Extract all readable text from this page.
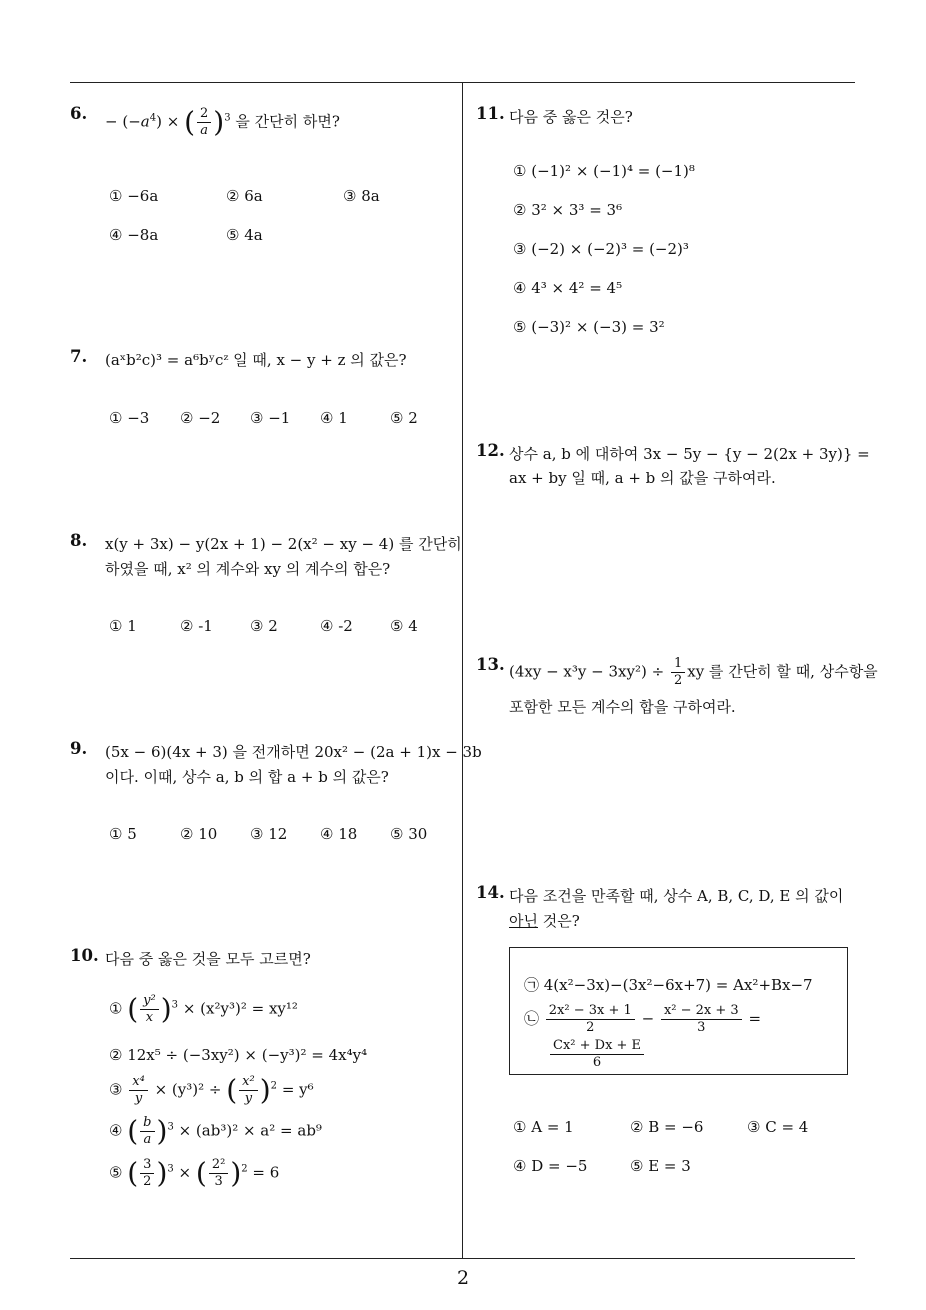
6. − $(-a^4)$ × ( $\frac{2}{a} )^3$ 을 간단히 하면?
① −6a	② 6a	③ 8a
④ −8a	⑤ 4a
7. (aˣb²c)³ = a⁶bʸcᶻ 일 때, x − y + z 의 값은?
① −3 ② −2 ③ −1 ④ 1	⑤ 2
8. x(y + 3x) − y(2x + 1) − 2(x² − xy − 4) 를 간단히
하였을 때, x² 의 계수와 xy 의 계수의 합은?
① 1	② -1 ③ 2	④ -2 ⑤ 4
9. (5x − 6)(4x + 3) 을 전개하면 20x² − (2a + 1)x − 3b
이다. 이때, 상수 a, b 의 합 a + b 의 값은?
① 5	② 10 ③ 12 ④ 18 ⑤ 30
10. 다음 중 옳은 것을 모두 고르면?
① ( $\frac{\text{y²}}{x} )^3 \times (x^2y^3)^2 = xy^{12}$
② 12x⁵ ÷ (−3xy²) × (−y³)² = 4x⁴y⁴
③ $\frac{\text{x⁴}}{y} \times (y^3)^2$ ÷ ( $\frac{\text{x²}}{y} )^2 = y^6$
④ ( $\frac{b}{a} )^3 \times (ab^3)^2 \times a^2 = ab^9$
⑤ ( $\frac{3}{2} )^3$ × ( $\frac{\text{2²}}{3} )^2 = 6$
11. 다음 중 옳은 것은?
① (−1)² × (−1)⁴ = (−1)⁸
② 3² × 3³ = 3⁶
③ (−2) × (−2)³ = (−2)³
④ 4³ × 4² = 4⁵
⑤ (−3)² × (−3) = 3²
12. 상수 a, b 에 대하여 3x − 5y − {y − 2(2x + 3y)} =
ax + by 일 때, a + b 의 값을 구하여라.
13. $(4xy - x^3y - 3xy^2) \div \frac{1}{2}$ xy 를 간단히 할 때, 상수항을
포함한 모든 계수의 합을 구하여라.
14. 다음 조건을 만족할 때, 상수 A, B, C, D, E 의 값이
아닌 것은?
㉠ 4(x²−3x)−(3x²−6x+7) = Ax²+Bx−7
㉡ $\frac{\text{2x² − 3x + 1}}{2} - \frac{\text{x² − 2x + 3}}{3}$ =
$\frac{\text{Cx² + Dx + E}}{6}$
① A = 1	② B = −6	③ C = 4
④ D = −5	⑤ E = 3
2
